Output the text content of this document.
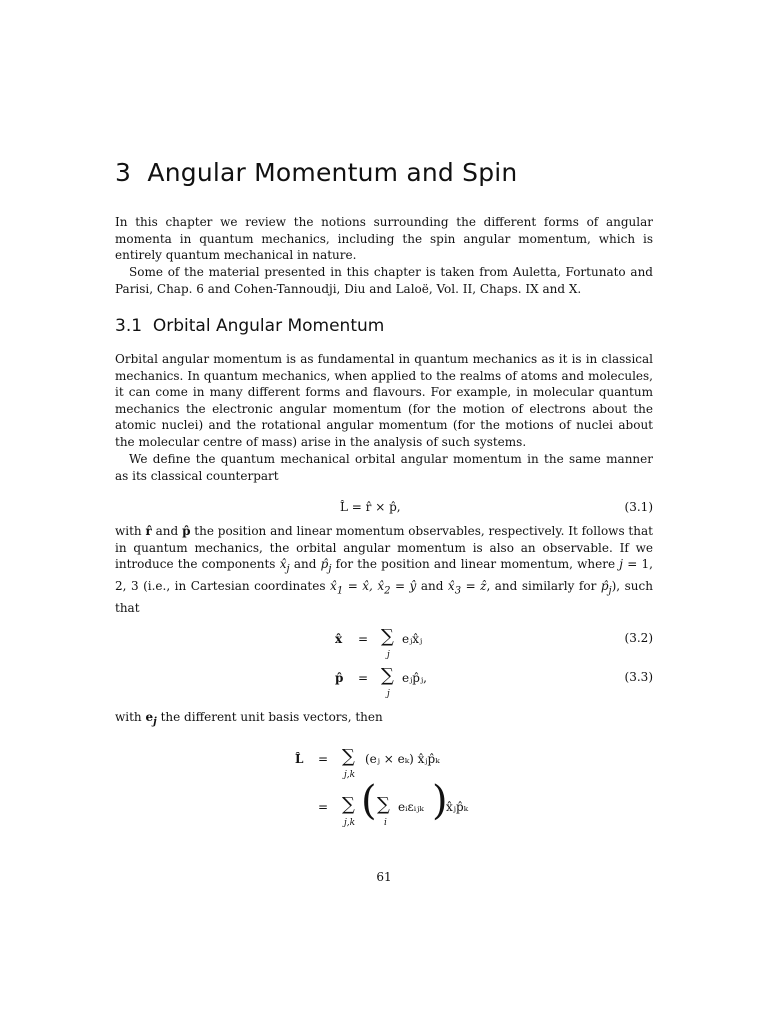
3 Angular Momentum and Spin

In this chapter we review the notions surrounding the different forms of angular momenta in quantum mechanics, including the spin angular momentum, which is entirely quantum mechanical in nature.

Some of the material presented in this chapter is taken from Auletta, Fortunato and Parisi, Chap. 6 and Cohen-Tannoudji, Diu and Laloë, Vol. II, Chaps. IX and X.

3.1 Orbital Angular Momentum

Orbital angular momentum is as fundamental in quantum mechanics as it is in classical mechanics. In quantum mechanics, when applied to the realms of atoms and molecules, it can come in many different forms and flavours. For example, in molecular quantum mechanics the electronic angular momentum (for the motion of electrons about the atomic nuclei) and the rotational angular momentum (for the motions of nuclei about the molecular centre of mass) arise in the analysis of such systems.

We define the quantum mechanical orbital angular momentum in the same manner as its classical counterpart

L̂ = r̂ × p̂,	(3.1)

with r̂ and p̂ the position and linear momentum observables, respectively. It follows that in quantum mechanics, the orbital angular momentum is also an observable. If we introduce the components $x̂_j$ and $p̂_j$ for the position and linear momentum, where j = 1, 2, 3 (i.e., in Cartesian coordinates $x̂_1$ = x̂, $x̂_2$ = ŷ and $x̂_3$ = ẑ, and similarly for $p̂_j$), such that

(3.2)
x̂ = ∑
j
eⱼx̂ⱼ
(3.3)
p̂ = ∑
j
eⱼp̂ⱼ,

with $e_j$ the different unit basis vectors, then

L̂ = ∑
j,k
(eⱼ × eₖ) x̂ⱼp̂ₖ
= ∑
j,k ( ∑
i
eᵢεᵢⱼₖ )
x̂ⱼp̂ₖ
61
